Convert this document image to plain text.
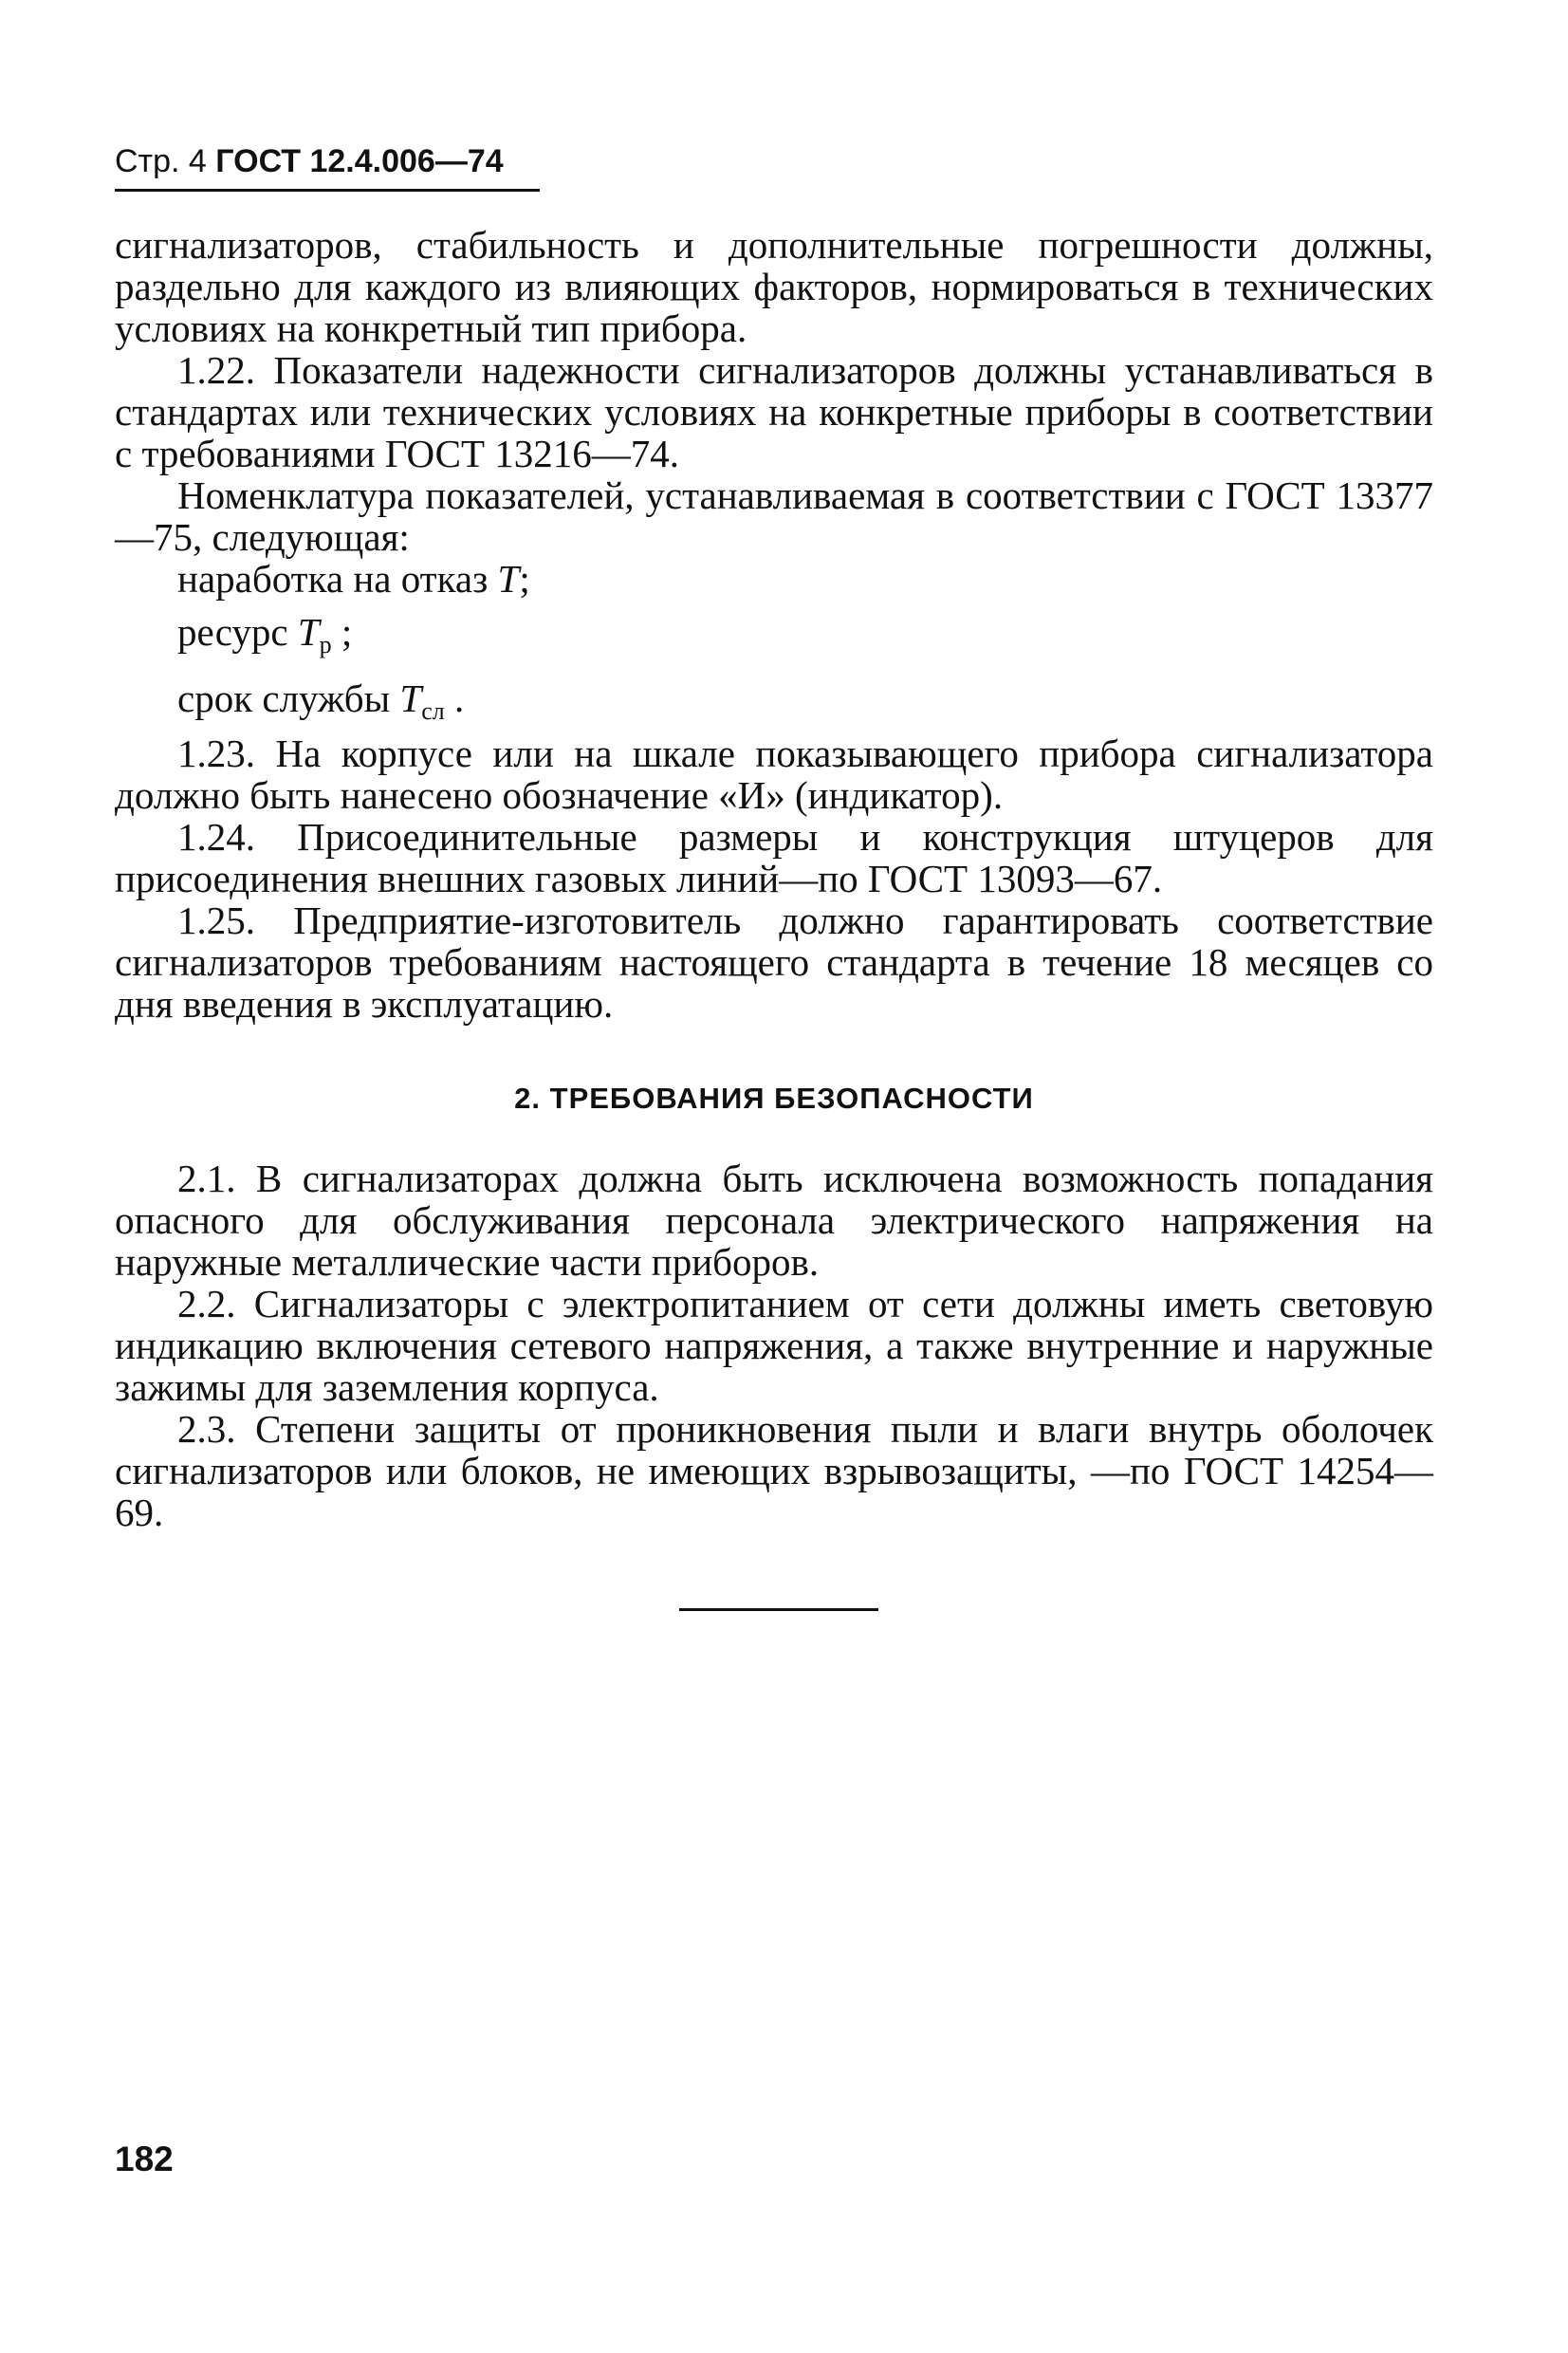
Стр. 4 ГОСТ 12.4.006—74

сигнализаторов, стабильность и дополнительные погрешности должны, раздельно для каждого из влияющих факторов, нормироваться в технических условиях на конкретный тип прибора.

1.22. Показатели надежности сигнализаторов должны устанавливаться в стандартах или технических условиях на конкретные приборы в соответствии с требованиями ГОСТ 13216—74.

Номенклатура показателей, устанавливаемая в соответствии с ГОСТ 13377—75, следующая:

наработка на отказ T;

ресурс $T_р$ ;

срок службы $T_{сл}$ .

1.23. На корпусе или на шкале показывающего прибора сигнализатора должно быть нанесено обозначение «И» (индикатор).

1.24. Присоединительные размеры и конструкция штуцеров для присоединения внешних газовых линий—по ГОСТ 13093—67.

1.25. Предприятие-изготовитель должно гарантировать соответствие сигнализаторов требованиям настоящего стандарта в течение 18 месяцев со дня введения в эксплуатацию.

2. ТРЕБОВАНИЯ БЕЗОПАСНОСТИ

2.1. В сигнализаторах должна быть исключена возможность попадания опасного для обслуживания персонала электрического напряжения на наружные металлические части приборов.

2.2. Сигнализаторы с электропитанием от сети должны иметь световую индикацию включения сетевого напряжения, а также внутренние и наружные зажимы для заземления корпуса.

2.3. Степени защиты от проникновения пыли и влаги внутрь оболочек сигнализаторов или блоков, не имеющих взрывозащиты, —по ГОСТ 14254—69.

182
